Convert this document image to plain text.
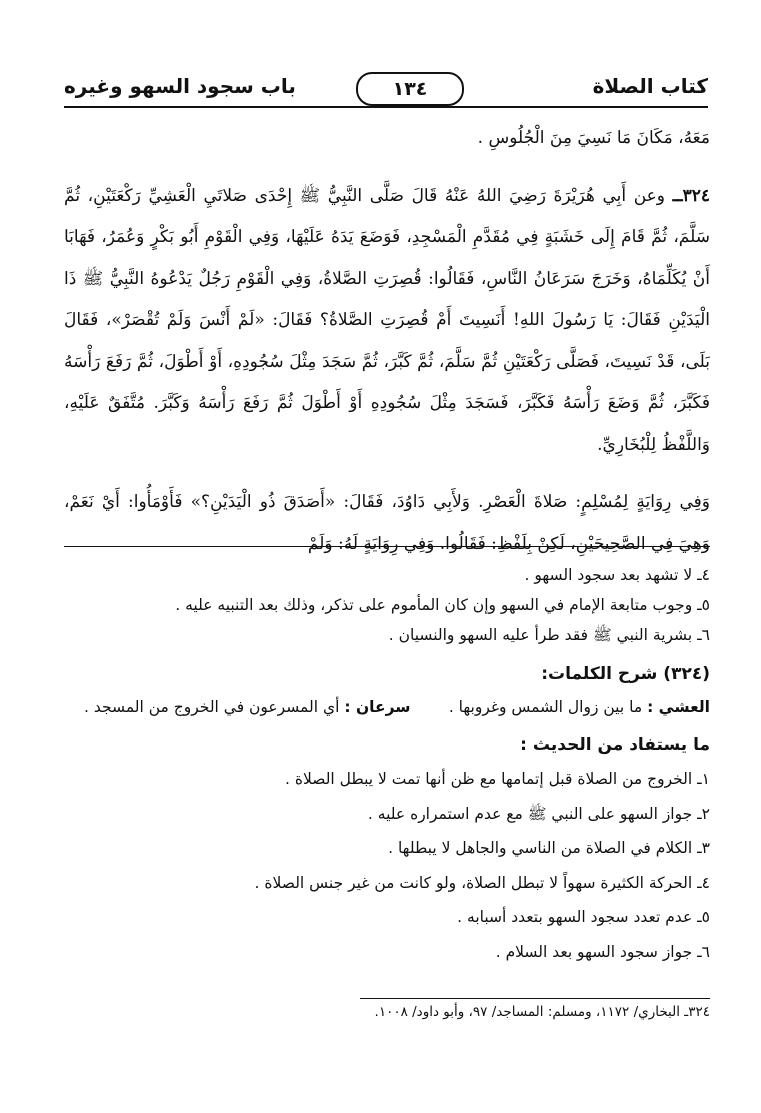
كتاب الصلاة
١٣٤
باب سجود السهو وغيره

مَعَهُ، مَكَانَ مَا نَسِيَ مِنَ الْجُلُوسِ .

٣٢٤ــ وعن أَبِي هُرَيْرَةَ رَضِيَ اللهُ عَنْهُ قَالَ صَلَّى النَّبِيُّ ﷺ إِحْدَى صَلاتَيِ الْعَشِيِّ رَكْعَتَيْنِ، ثُمَّ سَلَّمَ، ثُمَّ قَامَ إِلَى خَشَبَةٍ فِي مُقَدَّمِ الْمَسْجِدِ، فَوَضَعَ يَدَهُ عَلَيْهَا، وَفِي الْقَوْمِ أَبُو بَكْرٍ وَعُمَرُ، فَهَابَا أَنْ يُكَلِّمَاهُ، وَخَرَجَ سَرَعَانُ النَّاسِ، فَقَالُوا: قُصِرَتِ الصَّلاةُ، وَفِي الْقَوْمِ رَجُلٌ يَدْعُوهُ النَّبِيُّ ﷺ ذَا الْيَدَيْنِ فَقَالَ: يَا رَسُولَ اللهِ! أَنَسِيتَ أَمْ قُصِرَتِ الصَّلاةُ؟ فَقَالَ: «لَمْ أَنْسَ وَلَمْ تُقْصَرْ»، فَقَالَ بَلَى، قَدْ نَسِيتَ، فَصَلَّى رَكْعَتَيْنِ ثُمَّ سَلَّمَ، ثُمَّ كَبَّرَ، ثُمَّ سَجَدَ مِثْلَ سُجُودِهِ، أَوْ أَطْوَلَ، ثُمَّ رَفَعَ رَأْسَهُ فَكَبَّرَ، ثُمَّ وَضَعَ رَأْسَهُ فَكَبَّرَ، فَسَجَدَ مِثْلَ سُجُودِهِ أَوْ أَطْوَلَ ثُمَّ رَفَعَ رَأْسَهُ وَكَبَّرَ. مُتَّفَقٌ عَلَيْهِ، وَاللَّفْظُ لِلْبُخَارِيِّ.

وَفِي رِوَايَةٍ لِمُسْلِمٍ: صَلاةَ الْعَصْرِ. وَلأَبِي دَاوُدَ، فَقَالَ: «أَصَدَقَ ذُو الْيَدَيْنِ؟» فَأَوْمَأُوا: أَيْ نَعَمْ، وَهِيَ فِي الصَّحِيحَيْنِ، لَكِنْ بِلَفْظِ: فَقَالُوا. وَفِي رِوَايَةٍ لَهُ: وَلَمْ

٤ـ لا تشهد بعد سجود السهو .

٥ـ وجوب متابعة الإمام في السهو وإن كان المأموم على تذكر، وذلك بعد التنبيه عليه .

٦ـ بشرية النبي ﷺ فقد طرأ عليه السهو والنسيان .

(٣٢٤) شرح الكلمات:
العشي : ما بين زوال الشمس وغروبها .
سرعان : أي المسرعون في الخروج من المسجد .
ما يستفاد من الحديث :

١ـ الخروج من الصلاة قبل إتمامها مع ظن أنها تمت لا يبطل الصلاة .

٢ـ جواز السهو على النبي ﷺ مع عدم استمراره عليه .

٣ـ الكلام في الصلاة من الناسي والجاهل لا يبطلها .

٤ـ الحركة الكثيرة سهواً لا تبطل الصلاة، ولو كانت من غير جنس الصلاة .

٥ـ عدم تعدد سجود السهو بتعدد أسبابه .

٦ـ جواز سجود السهو بعد السلام .

٣٢٤ـ البخاري/ ١١٧٢، ومسلم: المساجد/ ٩٧، وأبو داود/ ١٠٠٨.
